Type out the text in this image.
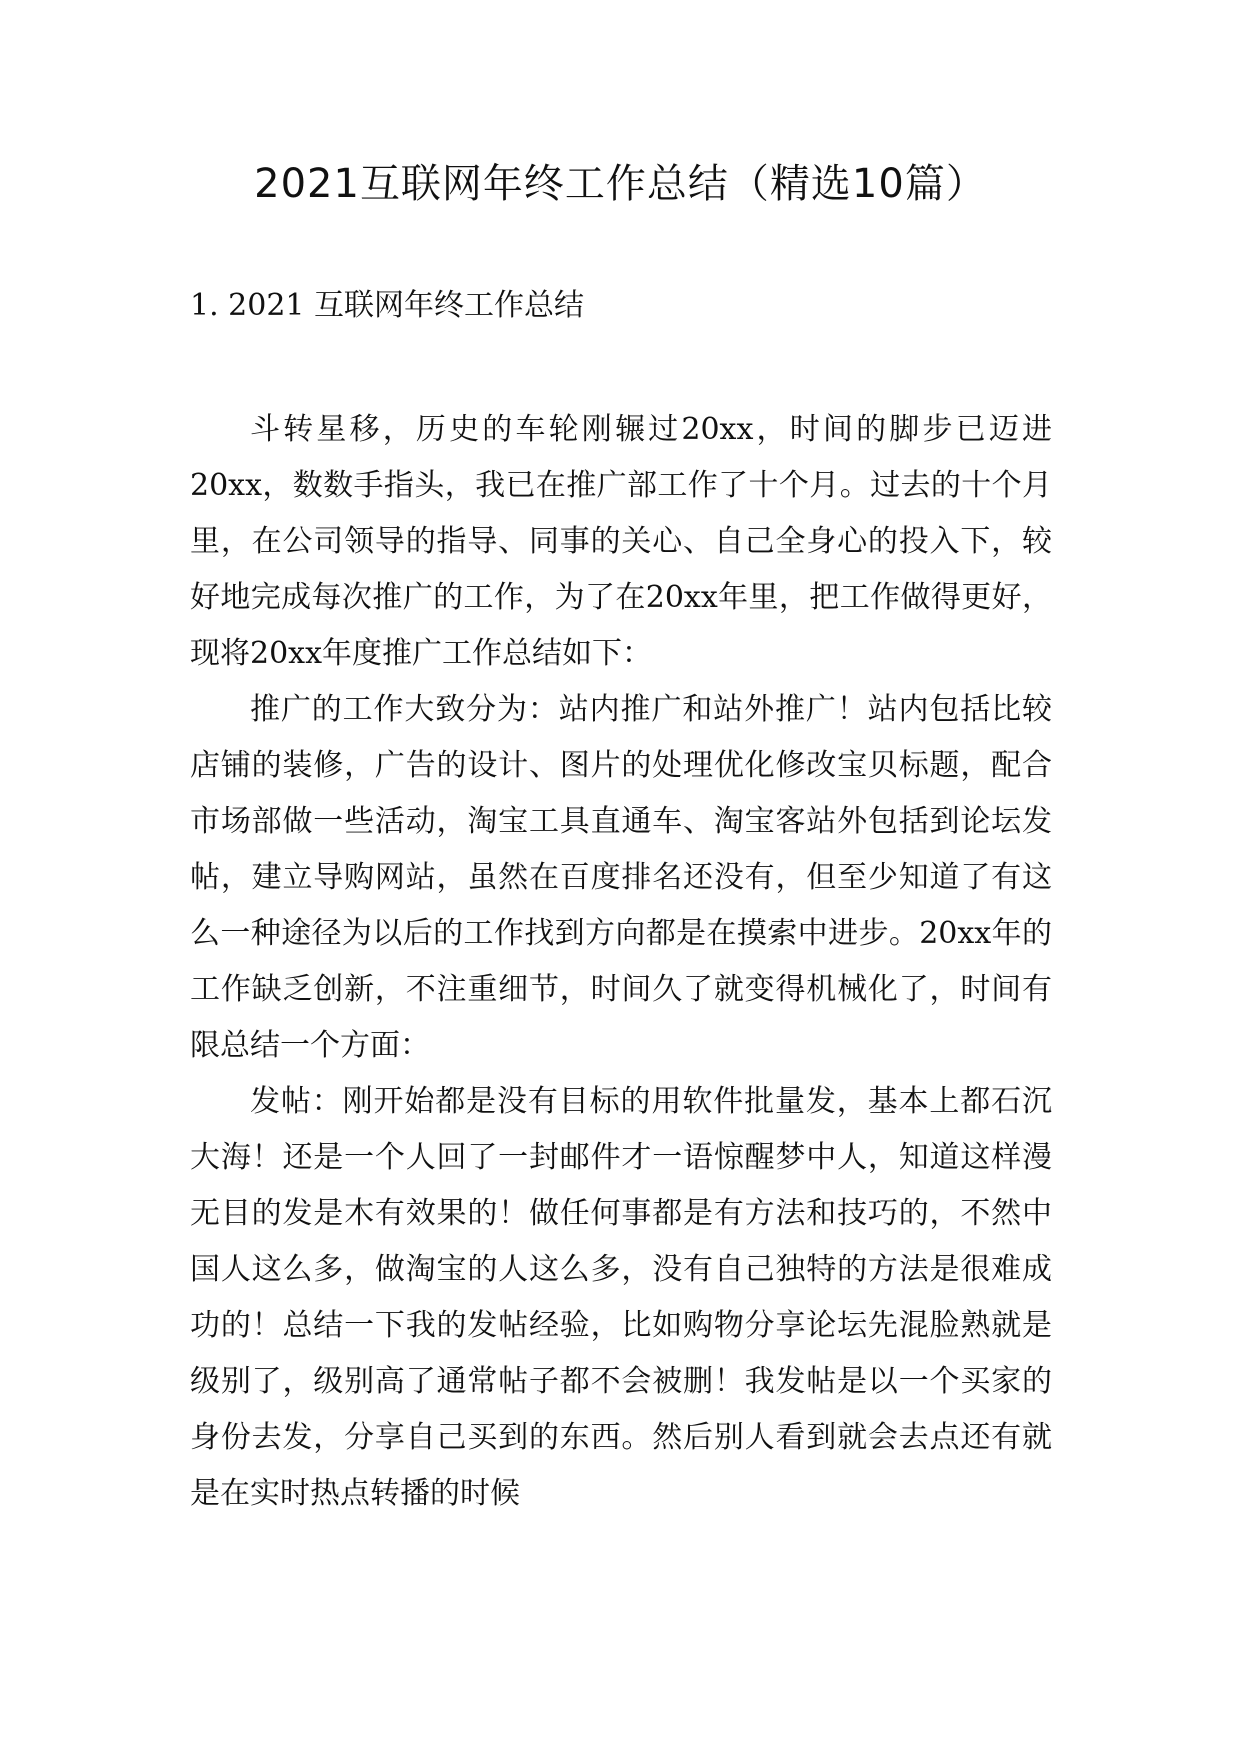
2021互联网年终工作总结（精选10篇）
1. 2021 互联网年终工作总结

斗转星移，历史的车轮刚辗过20xx，时间的脚步已迈进20xx，数数手指头，我已在推广部工作了十个月。过去的十个月里，在公司领导的指导、同事的关心、自己全身心的投入下，较好地完成每次推广的工作，为了在20xx年里，把工作做得更好，现将20xx年度推广工作总结如下：

推广的工作大致分为：站内推广和站外推广！站内包括比较店铺的装修，广告的设计、图片的处理优化修改宝贝标题，配合市场部做一些活动，淘宝工具直通车、淘宝客站外包括到论坛发帖，建立导购网站，虽然在百度排名还没有，但至少知道了有这么一种途径为以后的工作找到方向都是在摸索中进步。20xx年的工作缺乏创新，不注重细节，时间久了就变得机械化了，时间有限总结一个方面：

发帖：刚开始都是没有目标的用软件批量发，基本上都石沉大海！还是一个人回了一封邮件才一语惊醒梦中人，知道这样漫无目的发是木有效果的！做任何事都是有方法和技巧的，不然中国人这么多，做淘宝的人这么多，没有自己独特的方法是很难成功的！总结一下我的发帖经验，比如购物分享论坛先混脸熟就是级别了，级别高了通常帖子都不会被删！我发帖是以一个买家的身份去发，分享自己买到的东西。然后别人看到就会去点还有就是在实时热点转播的时候
